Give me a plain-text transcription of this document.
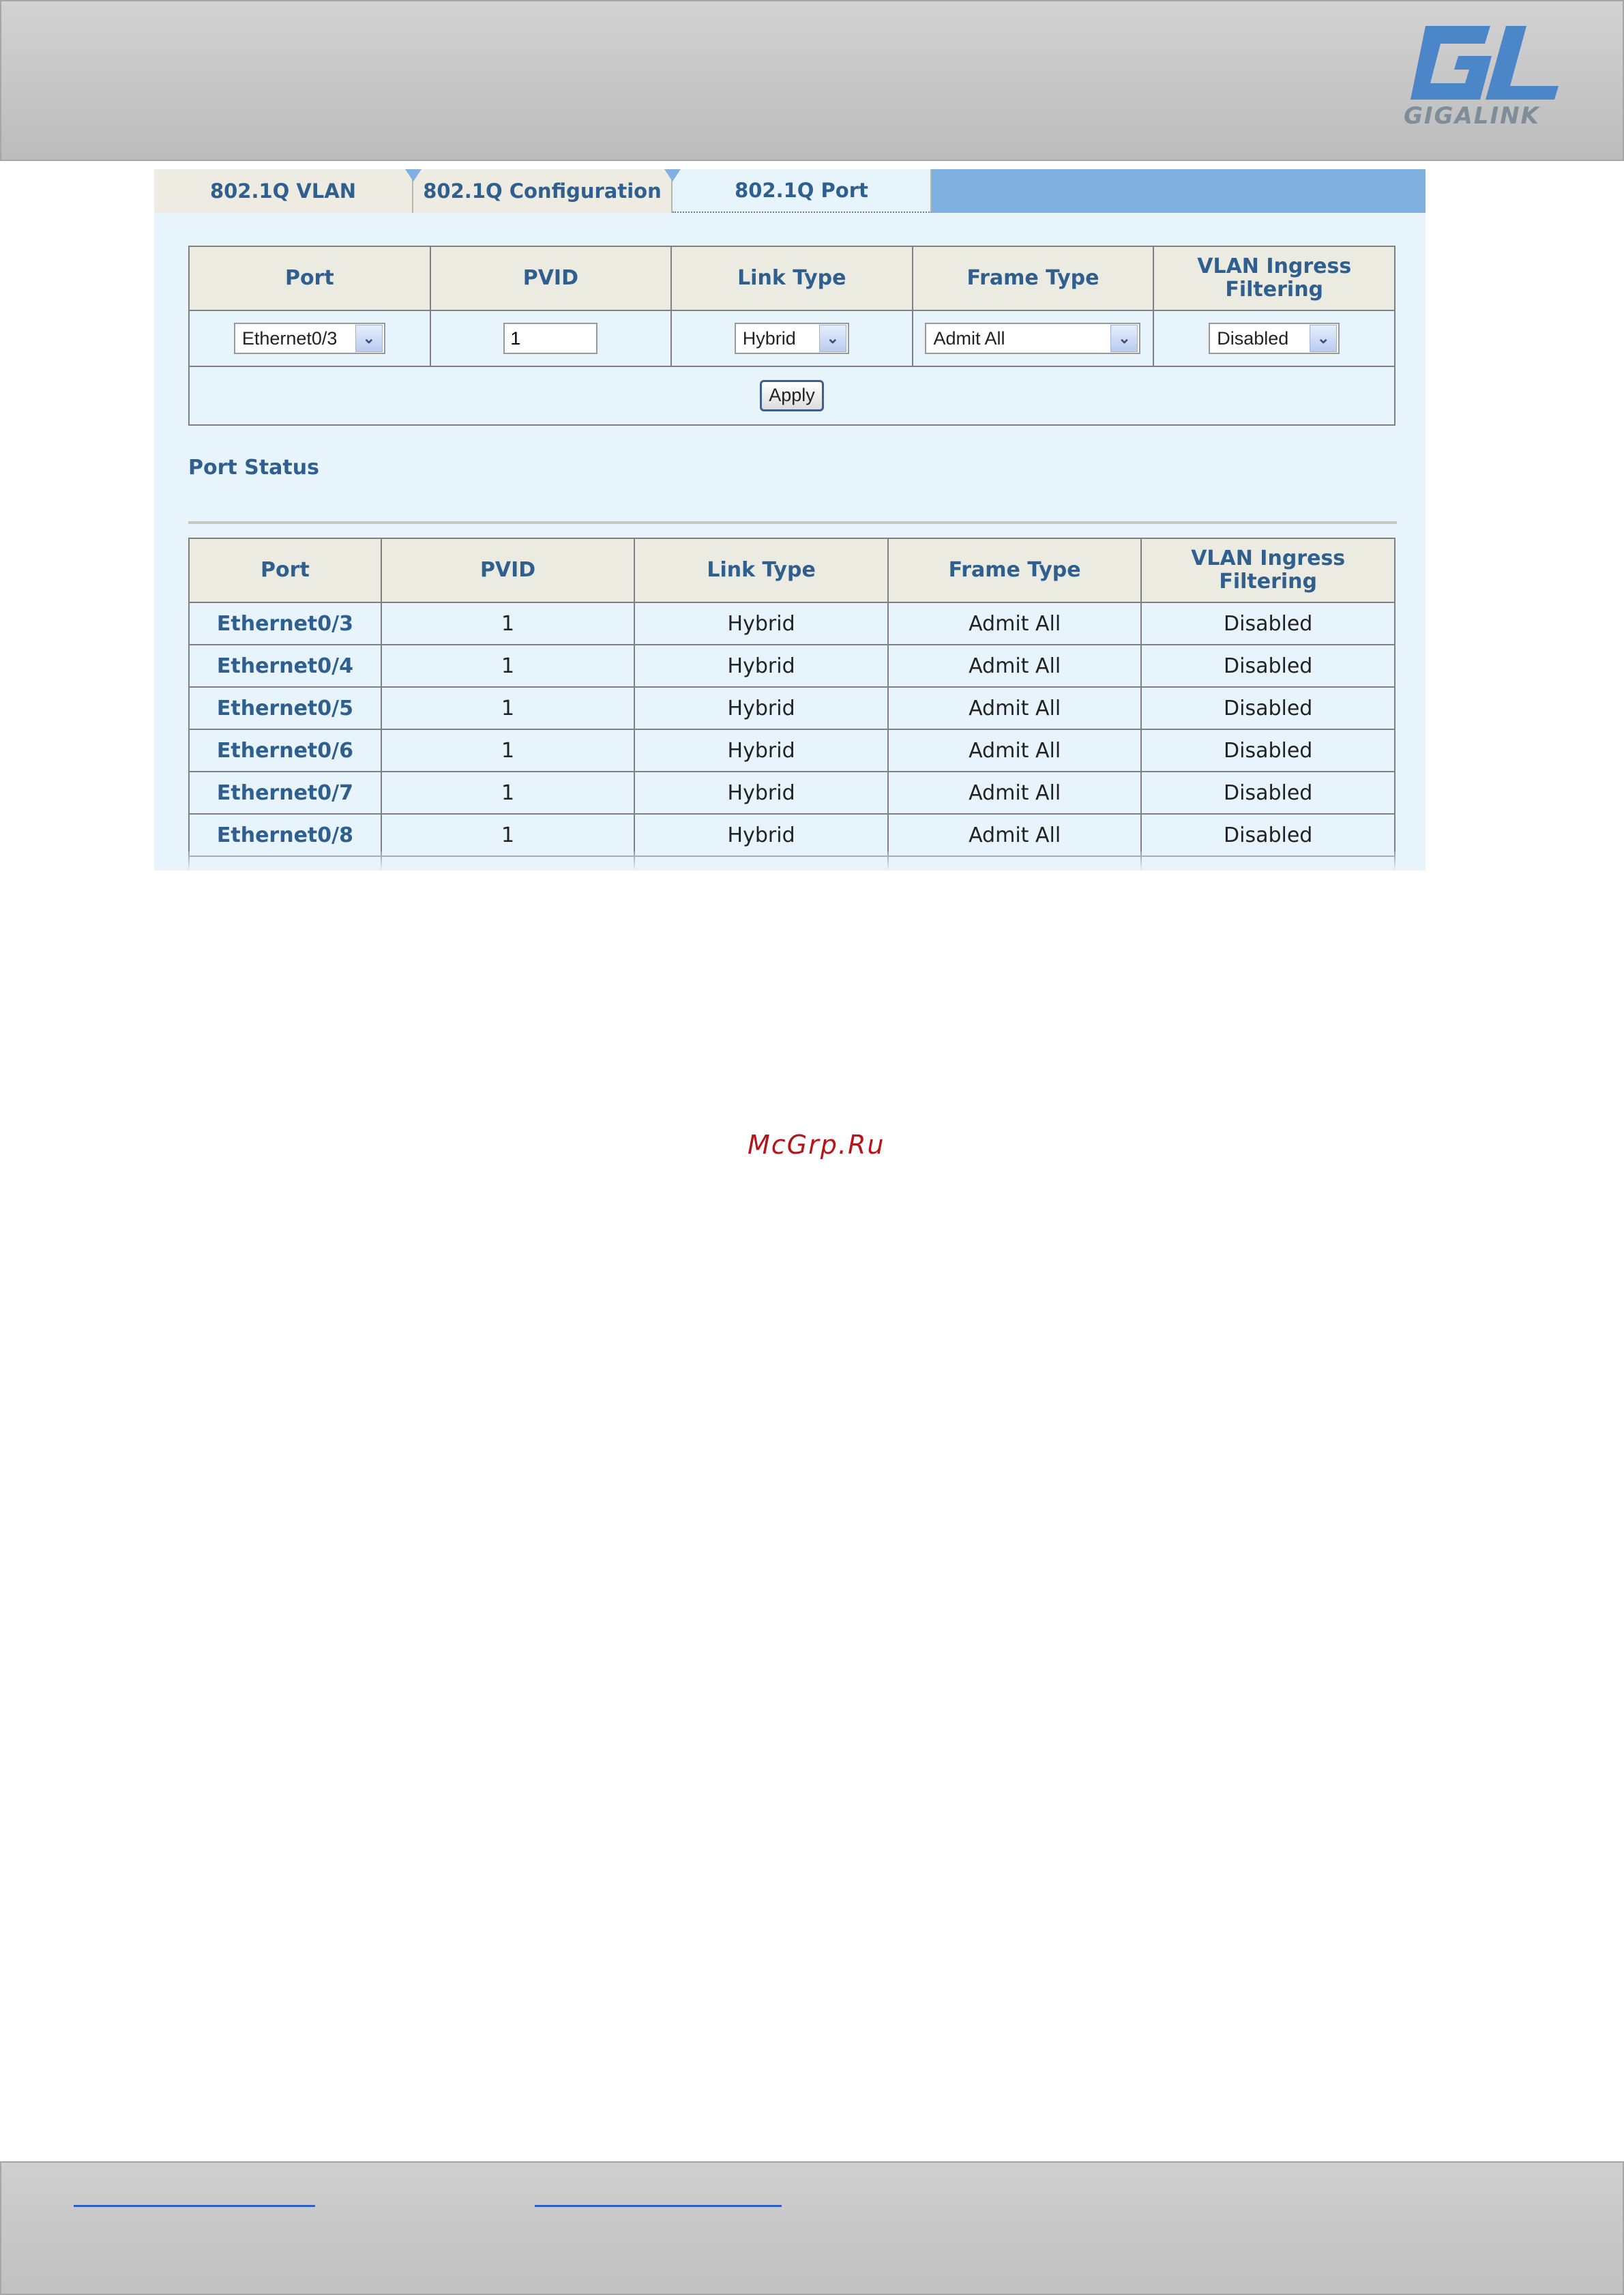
GIGALINK
802.1Q VLAN	802.1Q Configuration	802.1Q Port
Port	PVID	Link Type	Frame Type	VLAN Ingress Filtering

Ethernet0/3 ⌄	1	Hybrid ⌄	Admit All ⌄	Disabled ⌄

Apply				
Port Status
Port	PVID	Link Type	Frame Type	VLAN Ingress Filtering
Ethernet0/3	1	Hybrid	Admit All	Disabled
Ethernet0/4	1	Hybrid	Admit All	Disabled
Ethernet0/5	1	Hybrid	Admit All	Disabled
Ethernet0/6	1	Hybrid	Admit All	Disabled
Ethernet0/7	1	Hybrid	Admit All	Disabled
Ethernet0/8	1	Hybrid	Admit All	Disabled

McGrp.Ru
